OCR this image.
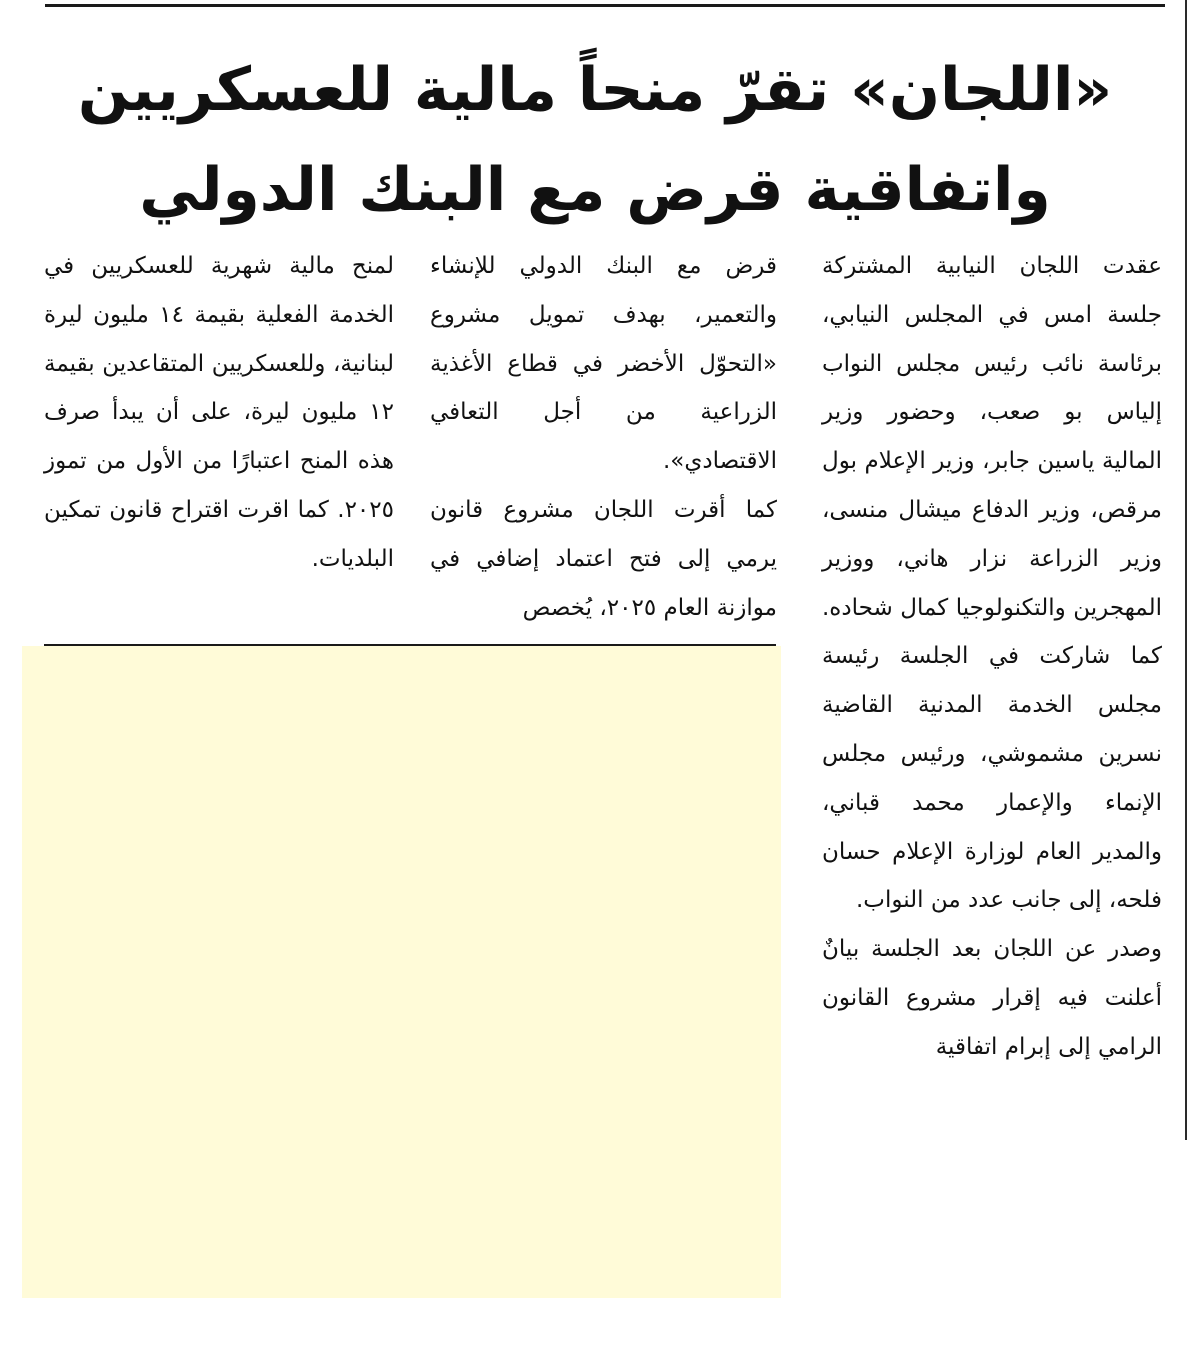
«اللجان» تقرّ منحاً مالية للعسكريين
واتفاقية قرض مع البنك الدولي

عقدت اللجان النيابية المشتركة جلسة امس في المجلس النيابي، برئاسة نائب رئيس مجلس النواب إلياس بو صعب، وحضور وزير المالية ياسين جابر، وزير الإعلام بول مرقص، وزير الدفاع ميشال منسى، وزير الزراعة نزار هاني، ووزير المهجرين والتكنولوجيا كمال شحاده. كما شاركت في الجلسة رئيسة مجلس الخدمة المدنية القاضية نسرين مشموشي، ورئيس مجلس الإنماء والإعمار محمد قباني، والمدير العام لوزارة الإعلام حسان فلحه، إلى جانب عدد من النواب.

وصدر عن اللجان بعد الجلسة بيانٌ أعلنت فيه إقرار مشروع القانون الرامي إلى إبرام اتفاقية

قرض مع البنك الدولي للإنشاء والتعمير، بهدف تمويل مشروع «التحوّل الأخضر في قطاع الأغذية الزراعية من أجل التعافي الاقتصادي».

كما أقرت اللجان مشروع قانون يرمي إلى فتح اعتماد إضافي في موازنة العام ٢٠٢٥، يُخصص

لمنح مالية شهرية للعسكريين في الخدمة الفعلية بقيمة ١٤ مليون ليرة لبنانية، وللعسكريين المتقاعدين بقيمة ١٢ مليون ليرة، على أن يبدأ صرف هذه المنح اعتبارًا من الأول من تموز ٢٠٢٥. كما اقرت اقتراح قانون تمكين البلديات.
